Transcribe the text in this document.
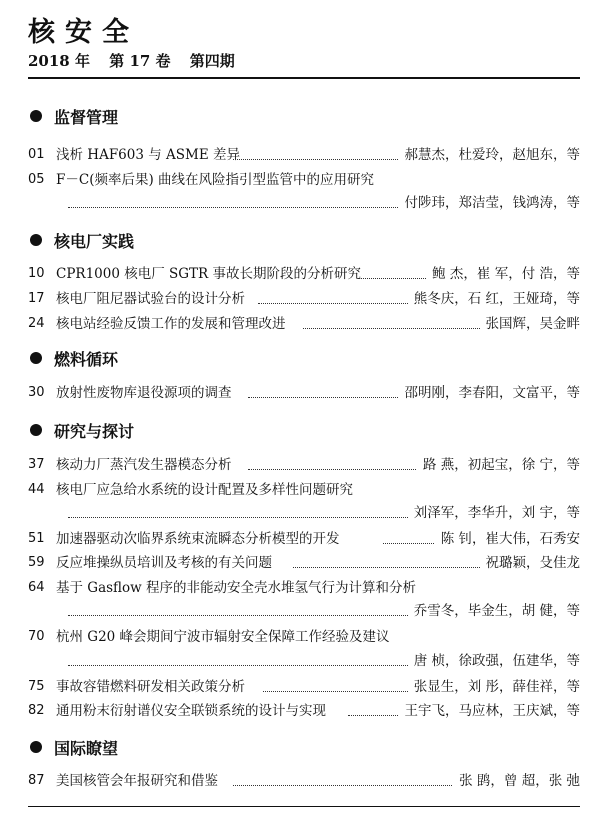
核安全
2018 年 第 17 卷 第四期
监督管理
01 浅析 HAF603 与 ASME 差异	郝慧杰，杜爱玲，赵旭东，等
05 F－C(频率后果) 曲线在风险指引型监管中的应用研究
付陟玮，郑洁莹，钱鸿涛，等
核电厂实践
10 CPR1000 核电厂 SGTR 事故长期阶段的分析研究	鲍 杰，崔 军，付 浩，等
17 核电厂阻尼器试验台的设计分析	熊冬庆，石 红，王娅琦，等
24 核电站经验反馈工作的发展和管理改进	张国辉，吴金畔
燃料循环
30 放射性废物库退役源项的调查	邵明刚，李春阳，文富平，等
研究与探讨
37 核动力厂蒸汽发生器模态分析	路 燕，初起宝，徐 宁，等
44 核电厂应急给水系统的设计配置及多样性问题研究
刘泽军，李华升，刘 宇，等
51 加速器驱动次临界系统束流瞬态分析模型的开发	陈 钊，崔大伟，石秀安
59 反应堆操纵员培训及考核的有关问题	祝璐颖，殳佳龙
64 基于 Gasflow 程序的非能动安全壳水堆氢气行为计算和分析
乔雪冬，毕金生，胡 健，等
70 杭州 G20 峰会期间宁波市辐射安全保障工作经验及建议
唐 桢，徐政强，伍建华，等
75 事故容错燃料研发相关政策分析	张显生，刘 彤，薛佳祥，等
82 通用粉末衍射谱仪安全联锁系统的设计与实现	王宇飞，马应林，王庆斌，等
国际瞭望
87 美国核管会年报研究和借鉴	张 鹍，曾 超，张 弛
